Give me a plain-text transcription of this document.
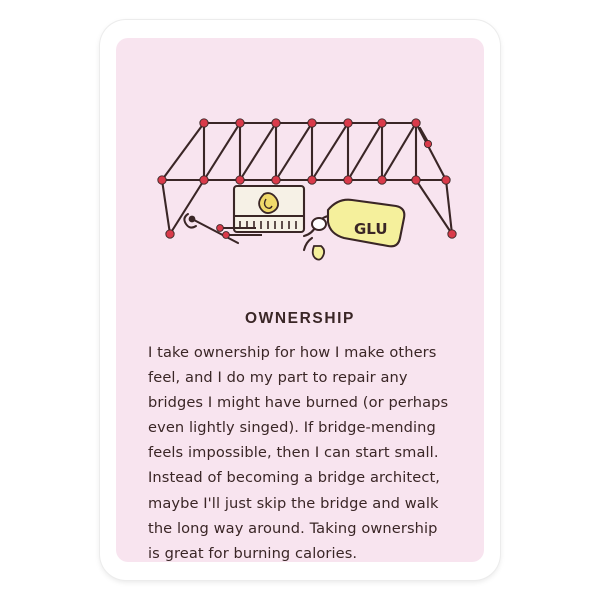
GLU
OWNERSHIP

I take ownership for how I make others feel, and I do my part to repair any bridges I might have burned (or perhaps even lightly singed). If bridge-mending feels impossible, then I can start small. Instead of becoming a bridge architect, maybe I'll just skip the bridge and walk the long way around. Taking ownership is great for burning calories.
